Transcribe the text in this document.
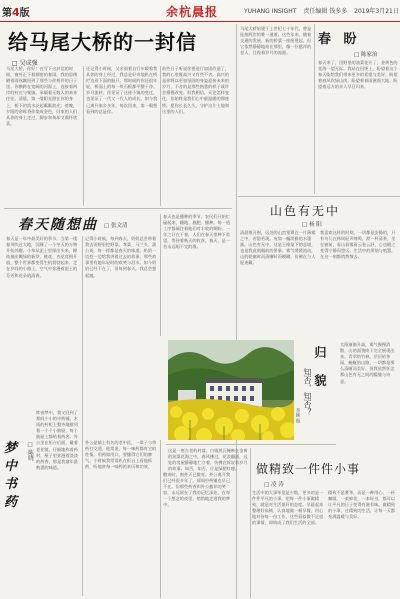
第4版	余杭晨报	YUHANG INSIGHT 责任编辑 钱多多 2019年3月21日
给马尾大桥的一封信
□ 吴成强
马尾大桥，你好！在写下这封信的时候，窗外正下着细密的春雨，我的思绪随着雨丝飘回到了那些与你相伴的日子里。你横跨在宽阔的河面上，连接着两岸的村庄与集镇，承载着无数人的来来往往。清晨，第一缕阳光照在你的身上，桥下的流水泛起粼粼波光；傍晚，夕阳的余晖将你染成金色，归家的人们从你的身上走过，脚步匆匆却又满怀欣喜。
还记得小时候，父亲骑着自行车载着我从你的身上经过，我总是好奇地趴在桥栏边看下面的船只。那时候的你还很年轻，桥面上的每一块石板都平整干净。岁月流转，你见证了这座小镇的变迁，也见证了一代又一代人的成长。如今我已离开家乡多年，每次回来，第一眼想看到的总是你。
前些日子听说你要进行加固改造了，我的心里既高兴又有些不舍。高兴的是你将以更加坚固的身姿迎接未来的岁月，不舍的是那些熟悉的样子或许会慢慢改变。但我相信，无论怎样变化，你始终是我们心中最温暖的那座桥。愿你长长久久，守护这片土地和这里的人们。
马尾大桥始建于上世纪七十年代，曾是连接两岸的唯一通道。这些年来，随着交通的发展，新的桥梁一座座建起，但它依然静静地站在那里，像一位慈祥的老人，注视着岁月的流逝。
春 盼
□ 陈家治
春天来了，田野里的油菜花开了，金黄色的花海一望无际。我站在田埂上，盼望着这个春天能给我们带来更多的希望与美好。盼望着春风吹绿山岗，盼望着春雨滋润大地，盼望着远方的亲人早日归来。
山色有无中
□ 杨 阳
清晨推开窗，远处的山峦笼罩在一片薄雾之中，若隐若现，宛如一幅淡雅的水墨画。山色有无中，这是王维笔下的意境，也是我此刻眼前的景象。雾气缓缓流动，山的轮廓时而清晰时而模糊，仿佛在与人捉迷藏。
我喜欢这样的时刻，一切都是安静的，只有鸟儿在林间轻声啼鸣。沏一杯清茶，坐在窗前，看山看雾看云卷云舒，心也随之变得宁静而悠远。生活中的烦恼与喧嚣，在这一刻都悄然散去。
太阳渐渐升高，雾气慢慢消散，山的面貌终于完全展现出来。青翠的竹林，层层的茶园，蜿蜒的山路，一切都是那么清晰而美好。但我依然怀念那山色有无之间的朦胧与诗意。
春天随想曲 □ 张文清
春天是一年中最美好的季节。当第一缕春风吹过大地，沉睡了一个冬天的万物开始苏醒。小草从泥土里探出头来，柳枝抽出嫩绿的新芽，桃花、杏花竞相开放，整个世界都变得生机勃勃起来。走在乡间的小路上，空气中弥漫着泥土的芬芳和花朵的清香。
记得小时候，每到春天，奶奶总会带着我去田野里挖野菜。荠菜、马兰头、蒲公英，每一样都是春天的味道。奶奶一边挖一边给我讲着过去的故事，那些故事里有她年轻时的欢笑与泪水。如今奶奶已经不在了，但每到春天，我总会想起她。
春天也是播种的季节。农民们开始忙碌起来，翻地、施肥、播种，每一道工序都倾注着他们对丰收的期盼。一年之计在于春，人们在春天里种下希望，等待着秋天的收获。春天，是一首永远唱不完的歌。
梦中书药
□ 陈晓
昨夜梦中，我又回到了那间小小的中药铺。木质的药柜上整齐地排列着一个个小抽屉，每个抽屉上都贴着药名。外公坐在柜台后面，戴着老花镜，仔细地称着药材。屋子里弥漫着淡淡的药香，那是我童年最熟悉的味道。
外公是镇上有名的老中医，一辈子与草药打交道。他常说，每一味药都有它的性情，用药如用兵，要懂得它们的脾气。小时候我常常趴在柜台上看他抓药，听他讲每一味药的来历和功效。
醒来时，窗外天已微亮。外公离开我们已经很多年了，那间中药铺也早已不在。但那些药香和外公慈祥的笑容，永远留在了我的记忆深处，在每一个想念的夜里，悄悄地走进我的梦中。
归 貌
知否，知否？
李颖 摄
这是一座古老的村落，白墙黑瓦掩映在金黄的油菜花海之中。春风拂过，花浪翻涌，远处的房屋静静地伫立着，仿佛在诉说着岁月的故事。知否，知否，应是绿肥红瘦。	做精致一件件小事
□ 凌 涛
生活中的大事毕竟是少数，更多的是一件件平凡的小事。把每一件小事做精致，就是对生活最好的态度。早晨起来整理好床铺，认真地做一顿早餐，用心地对待每一份工作，这些看似微不足道的事情，却构成了我们生活的全部。
精致不是奢华，而是一种用心。一杯咖啡，一束鲜花，一本好书，都可以让平凡的日子变得有滋有味。做精致的小事，过精致的生活，让每一天都充满温暖与美好。
